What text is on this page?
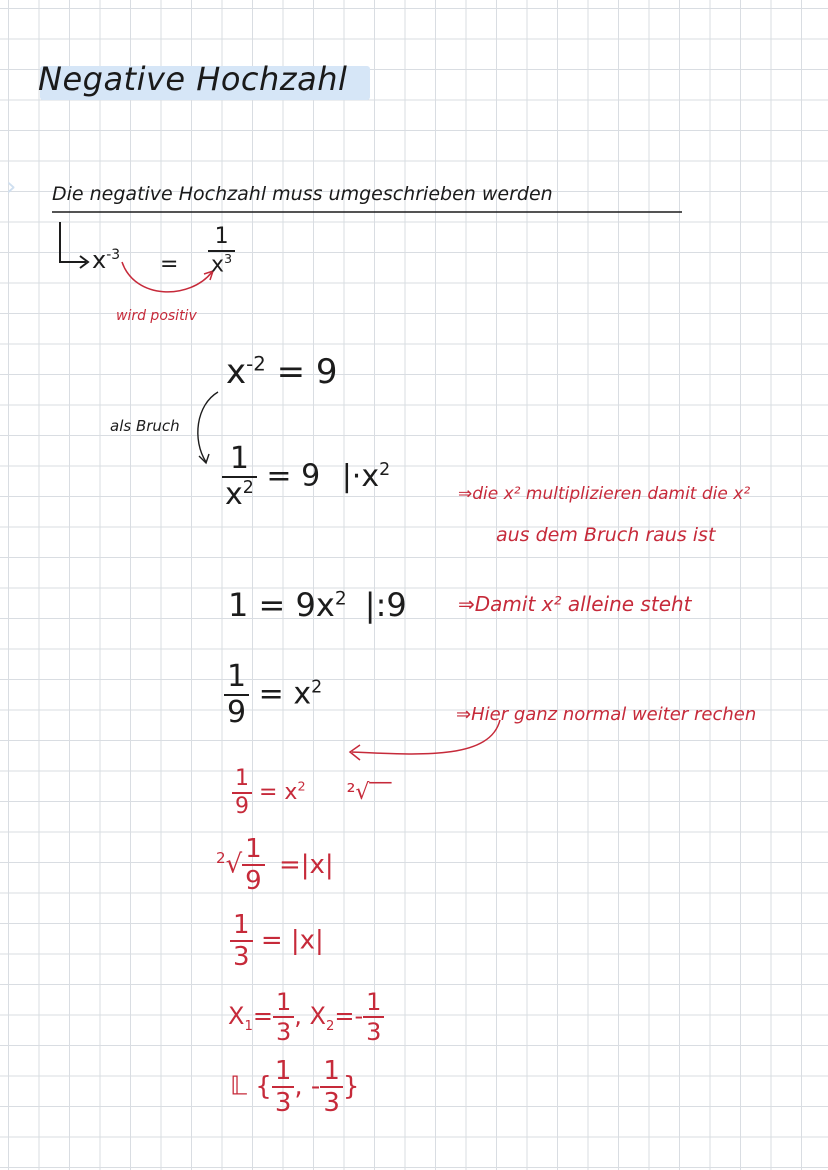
Negative Hochzahl
› Die negative Hochzahl muss umgeschrieben werden
$x^{-3} = \frac{1}{x^3}$
wird positiv
$x^{-2} = 9$
als Bruch
$\frac{1}{x^2} = 9$ $|\cdot x^2$
⇒die x² multiplizieren damit die x²
aus dem Bruch raus ist
$1 = 9x^2$ |:9	⇒Damit x² alleine steht
$\frac{1}{9} = x^2$
⇒Hier ganz normal weiter rechen
$\frac{1}{9} = x^2$ ²√‾‾
$^2√ \frac{1}{9} =|x|$
$\frac{1}{3} = |x|$
$X_1= \frac{1}{3}$ , $X_2=- \frac{1}{3}$
𝕃 { $\frac{1}{3}$ , - $\frac{1}{3}$ }
